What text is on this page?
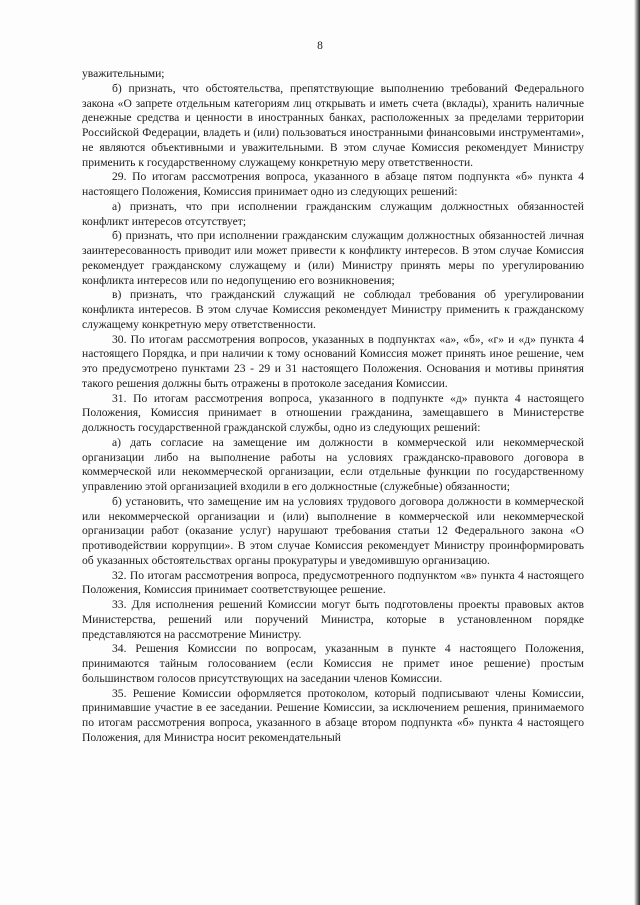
8

уважительными;

б) признать, что обстоятельства, препятствующие выполнению требований Федерального закона «О запрете отдельным категориям лиц открывать и иметь счета (вклады), хранить наличные денежные средства и ценности в иностранных банках, расположенных за пределами территории Российской Федерации, владеть и (или) пользоваться иностранными финансовыми инструментами», не являются объективными и уважительными. В этом случае Комиссия рекомендует Министру применить к государственному служащему конкретную меру ответственности.

29. По итогам рассмотрения вопроса, указанного в абзаце пятом подпункта «б» пункта 4 настоящего Положения, Комиссия принимает одно из следующих решений:

а) признать, что при исполнении гражданским служащим должностных обязанностей конфликт интересов отсутствует;

б) признать, что при исполнении гражданским служащим должностных обязанностей личная заинтересованность приводит или может привести к конфликту интересов. В этом случае Комиссия рекомендует гражданскому служащему и (или) Министру принять меры по урегулированию конфликта интересов или по недопущению его возникновения;

в) признать, что гражданский служащий не соблюдал требования об урегулировании конфликта интересов. В этом случае Комиссия рекомендует Министру применить к гражданскому служащему конкретную меру ответственности.

30. По итогам рассмотрения вопросов, указанных в подпунктах «а», «б», «г» и «д» пункта 4 настоящего Порядка, и при наличии к тому оснований Комиссия может принять иное решение, чем это предусмотрено пунктами 23 - 29 и 31 настоящего Положения. Основания и мотивы принятия такого решения должны быть отражены в протоколе заседания Комиссии.

31. По итогам рассмотрения вопроса, указанного в подпункте «д» пункта 4 настоящего Положения, Комиссия принимает в отношении гражданина, замещавшего в Министерстве должность государственной гражданской службы, одно из следующих решений:

а) дать согласие на замещение им должности в коммерческой или некоммерческой организации либо на выполнение работы на условиях гражданско-правового договора в коммерческой или некоммерческой организации, если отдельные функции по государственному управлению этой организацией входили в его должностные (служебные) обязанности;

б) установить, что замещение им на условиях трудового договора должности в коммерческой или некоммерческой организации и (или) выполнение в коммерческой или некоммерческой организации работ (оказание услуг) нарушают требования статьи 12 Федерального закона «О противодействии коррупции». В этом случае Комиссия рекомендует Министру проинформировать об указанных обстоятельствах органы прокуратуры и уведомившую организацию.

32. По итогам рассмотрения вопроса, предусмотренного подпунктом «в» пункта 4 настоящего Положения, Комиссия принимает соответствующее решение.

33. Для исполнения решений Комиссии могут быть подготовлены проекты правовых актов Министерства, решений или поручений Министра, которые в установленном порядке представляются на рассмотрение Министру.

34. Решения Комиссии по вопросам, указанным в пункте 4 настоящего Положения, принимаются тайным голосованием (если Комиссия не примет иное решение) простым большинством голосов присутствующих на заседании членов Комиссии.

35. Решение Комиссии оформляется протоколом, который подписывают члены Комиссии, принимавшие участие в ее заседании. Решение Комиссии, за исключением решения, принимаемого по итогам рассмотрения вопроса, указанного в абзаце втором подпункта «б» пункта 4 настоящего Положения, для Министра носит рекомендательный
